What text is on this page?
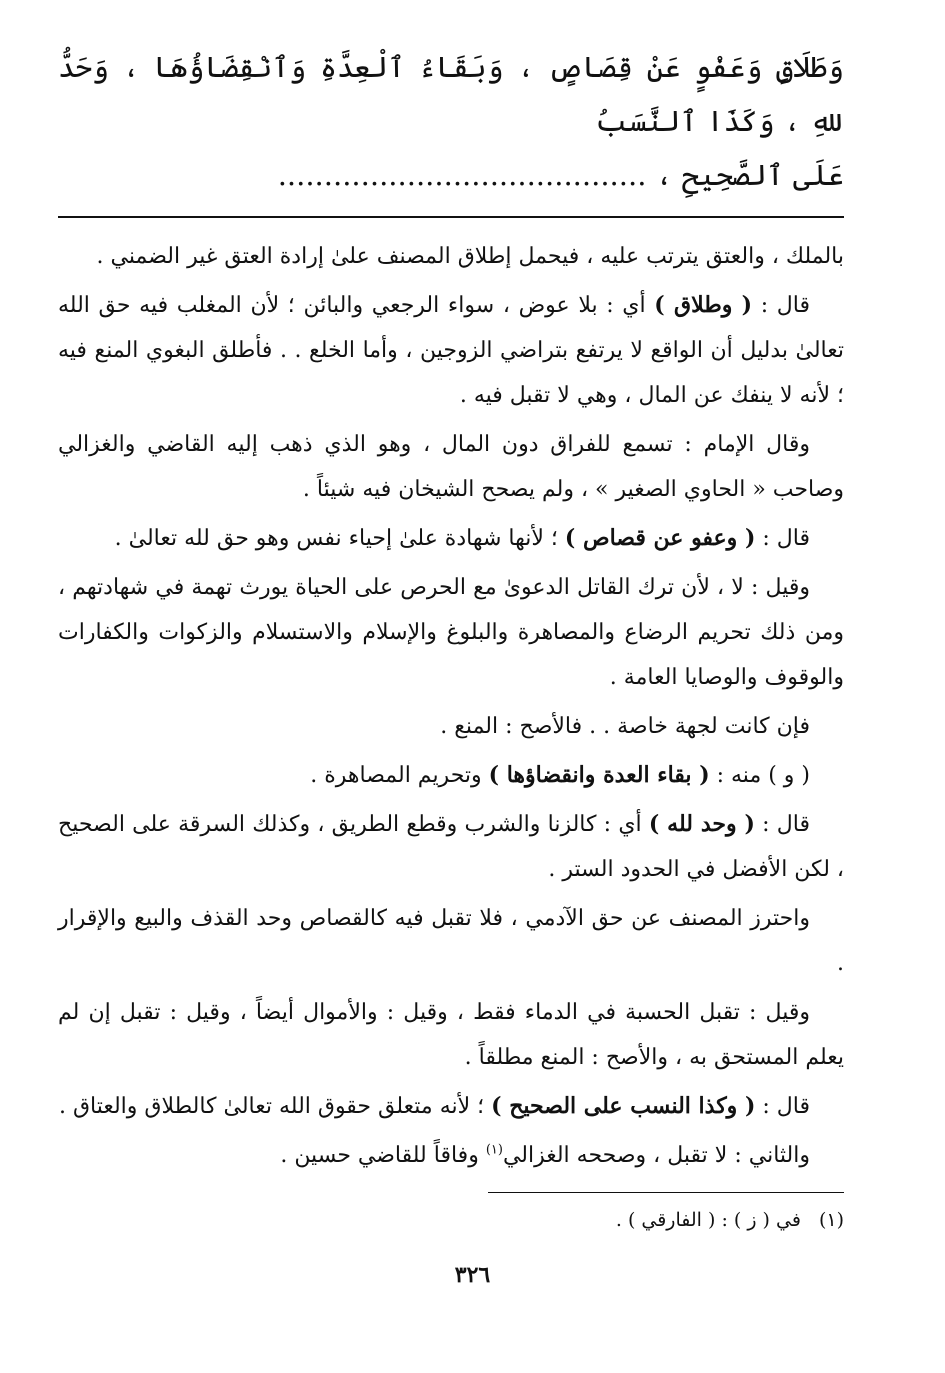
وَطَلَاقٍ وَعَفْوٍ عَنْ قِصَاصٍ ، وَبَقَاءُ ٱلْعِدَّةِ وَٱنْقِضَاؤُهَا ، وَحَدُّ للهِ ، وَكَذَا ٱلنَّسَبُ
عَلَى ٱلصَّحِيحِ ، ........................................

بالملك ، والعتق يترتب عليه ، فيحمل إطلاق المصنف علىٰ إرادة العتق غير الضمني .

قال : ( وطلاق ) أي : بلا عوض ، سواء الرجعي والبائن ؛ لأن المغلب فيه حق الله تعالىٰ بدليل أن الواقع لا يرتفع بتراضي الزوجين ، وأما الخلع . . فأطلق البغوي المنع فيه ؛ لأنه لا ينفك عن المال ، وهي لا تقبل فيه .

وقال الإمام : تسمع للفراق دون المال ، وهو الذي ذهب إليه القاضي والغزالي وصاحب « الحاوي الصغير » ، ولم يصحح الشيخان فيه شيئاً .

قال : ( وعفو عن قصاص ) ؛ لأنها شهادة علىٰ إحياء نفس وهو حق لله تعالىٰ .

وقيل : لا ، لأن ترك القاتل الدعوىٰ مع الحرص على الحياة يورث تهمة في شهادتهم ، ومن ذلك تحريم الرضاع والمصاهرة والبلوغ والإسلام والاستسلام والزكوات والكفارات والوقوف والوصايا العامة .

فإن كانت لجهة خاصة . . فالأصح : المنع .

( و ) منه : ( بقاء العدة وانقضاؤها ) وتحريم المصاهرة .

قال : ( وحد لله ) أي : كالزنا والشرب وقطع الطريق ، وكذلك السرقة على الصحيح ، لكن الأفضل في الحدود الستر .

واحترز المصنف عن حق الآدمي ، فلا تقبل فيه كالقصاص وحد القذف والبيع والإقرار .

وقيل : تقبل الحسبة في الدماء فقط ، وقيل : والأموال أيضاً ، وقيل : تقبل إن لم يعلم المستحق به ، والأصح : المنع مطلقاً .

قال : ( وكذا النسب على الصحيح ) ؛ لأنه متعلق حقوق الله تعالىٰ كالطلاق والعتاق .

والثاني : لا تقبل ، وصححه الغزالي$^{(١)}$ وفاقاً للقاضي حسين .

(١)في ( ز ) : ( الفارقي ) .

٣٢٦
